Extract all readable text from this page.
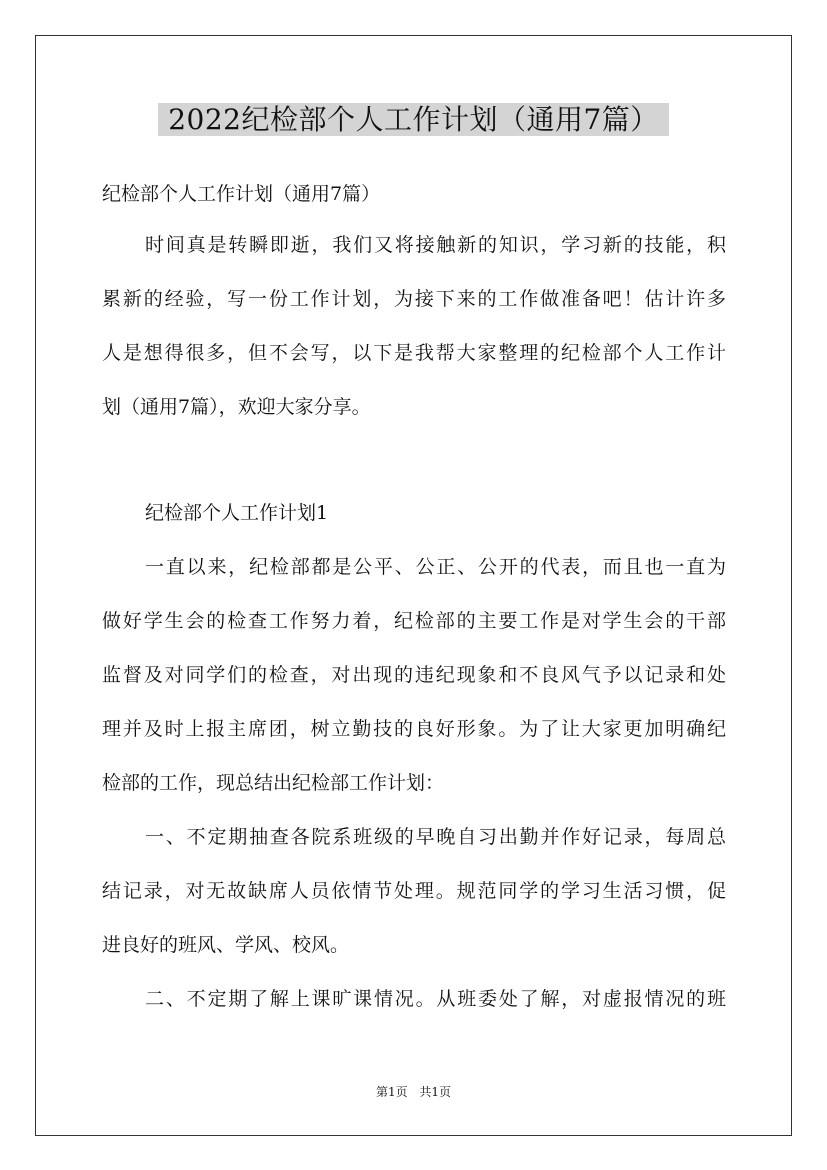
2022纪检部个人工作计划（通用7篇）
纪检部个人工作计划（通用7篇）
时间真是转瞬即逝，我们又将接触新的知识，学习新的技能，积
累新的经验，写一份工作计划，为接下来的工作做准备吧！估计许多
人是想得很多，但不会写，以下是我帮大家整理的纪检部个人工作计
划（通用7篇），欢迎大家分享。
纪检部个人工作计划1
一直以来，纪检部都是公平、公正、公开的代表，而且也一直为
做好学生会的检查工作努力着，纪检部的主要工作是对学生会的干部
监督及对同学们的检查，对出现的违纪现象和不良风气予以记录和处
理并及时上报主席团，树立勤技的良好形象。为了让大家更加明确纪
检部的工作，现总结出纪检部工作计划：
一、不定期抽查各院系班级的早晚自习出勤并作好记录，每周总
结记录，对无故缺席人员依情节处理。规范同学的学习生活习惯，促
进良好的班风、学风、校风。
二、不定期了解上课旷课情况。从班委处了解，对虚报情况的班
第1页 共1页
